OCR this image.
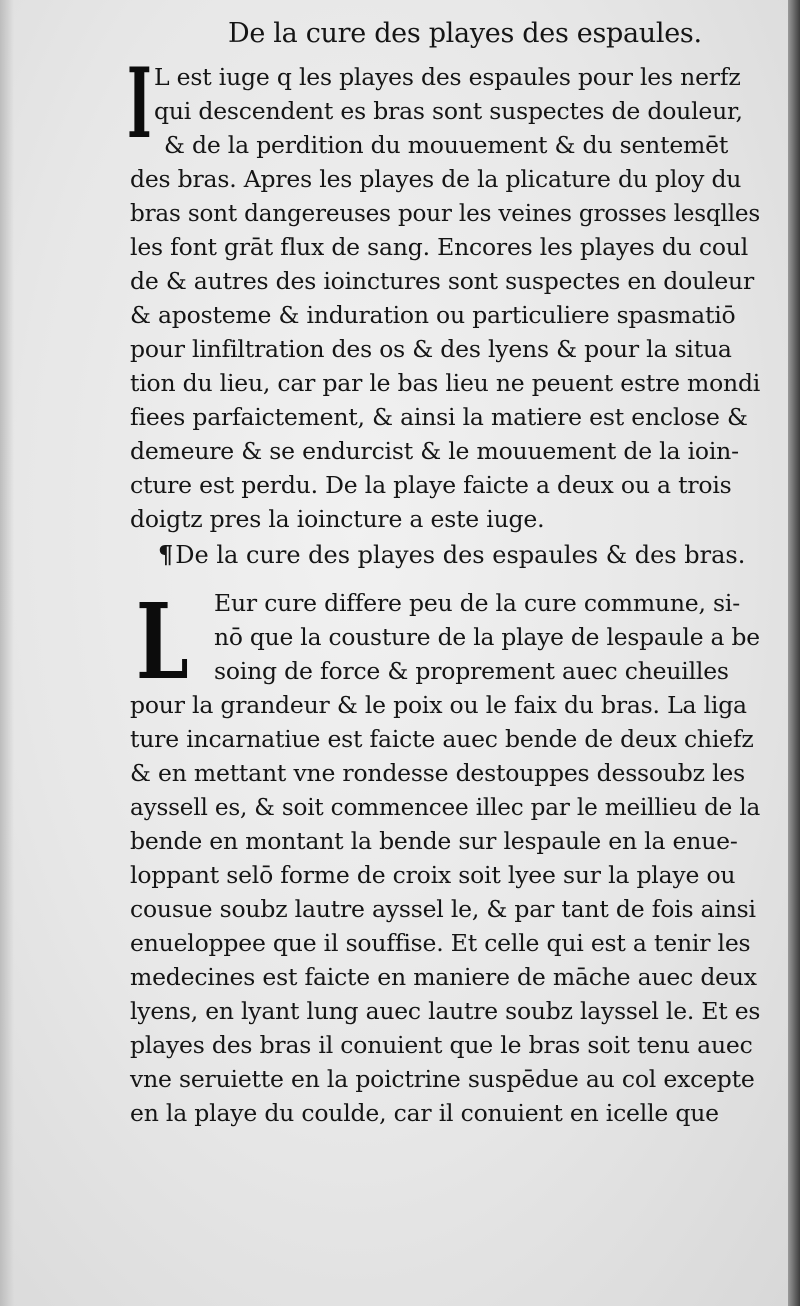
De la cure des playes des espaules.
I L est iuge q les playes des espaules pour les nerfz
qui descendent es bras sont suspectes de douleur,
& de la perdition du mouuement & du sentemēt
des bras. Apres les playes de la plicature du ploy du
bras sont dangereuses pour les veines grosses lesqlles
les font grāt flux de sang. Encores les playes du coul
de & autres des ioinctures sont suspectes en douleur
& aposteme & induration ou particuliere spasmatiō
pour linfiltration des os & des lyens & pour la situa
tion du lieu, car par le bas lieu ne peuent estre mondi
fiees parfaictement, & ainsi la matiere est enclose &
demeure & se endurcist & le mouuement de la ioin-
cture est perdu. De la playe faicte a deux ou a trois
doigtz pres la ioincture a este iuge.
¶De la cure des playes des espaules & des bras.
L Eur cure differe peu de la cure commune, si-
nō que la cousture de la playe de lespaule a be
soing de force & proprement auec cheuilles
pour la grandeur & le poix ou le faix du bras. La liga
ture incarnatiue est faicte auec bende de deux chiefz
& en mettant vne rondesse destouppes dessoubz les
ayssell es, & soit commencee illec par le meillieu de la
bende en montant la bende sur lespaule en la enue-
loppant selō forme de croix soit lyee sur la playe ou
cousue soubz lautre ayssel le, & par tant de fois ainsi
enueloppee que il souffise. Et celle qui est a tenir les
medecines est faicte en maniere de māche auec deux
lyens, en lyant lung auec lautre soubz layssel le. Et es
playes des bras il conuient que le bras soit tenu auec
vne seruiette en la poictrine suspēdue au col excepte
en la playe du coulde, car il conuient en icelle que
